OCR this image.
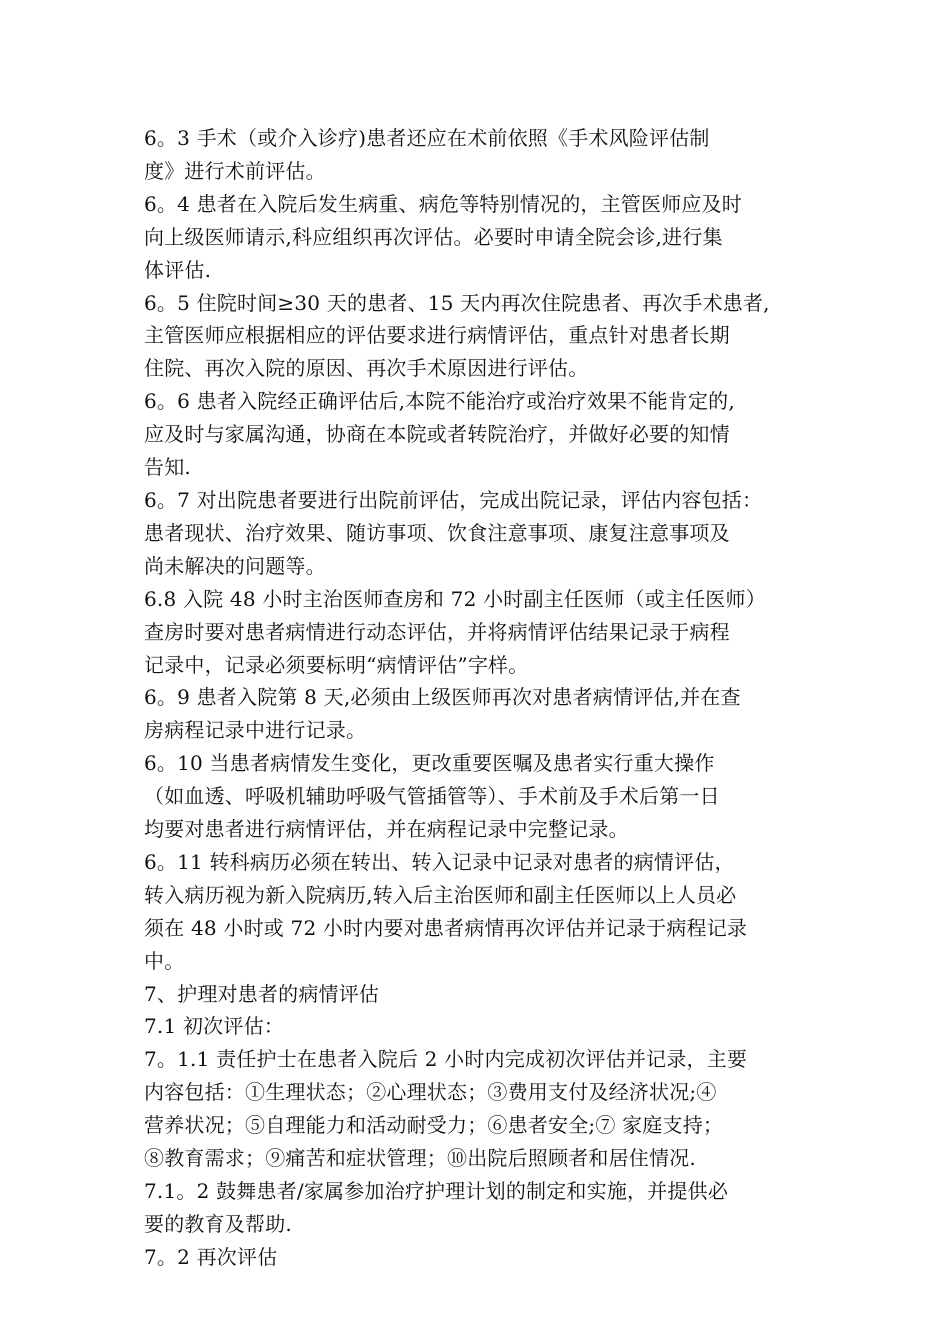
6。3 手术（或介入诊疗)患者还应在术前依照《手术风险评估制
度》进行术前评估。
6。4 患者在入院后发生病重、病危等特别情况的，主管医师应及时
向上级医师请示,科应组织再次评估。必要时申请全院会诊,进行集
体评估.
6。5 住院时间≥30 天的患者、15 天内再次住院患者、再次手术患者,
主管医师应根据相应的评估要求进行病情评估，重点针对患者长期
住院、再次入院的原因、再次手术原因进行评估。
6。6 患者入院经正确评估后,本院不能治疗或治疗效果不能肯定的,
应及时与家属沟通，协商在本院或者转院治疗，并做好必要的知情
告知.
6。7 对出院患者要进行出院前评估，完成出院记录，评估内容包括：
患者现状、治疗效果、随访事项、饮食注意事项、康复注意事项及
尚未解决的问题等。
6.8 入院 48 小时主治医师查房和 72 小时副主任医师（或主任医师）
查房时要对患者病情进行动态评估，并将病情评估结果记录于病程
记录中，记录必须要标明“病情评估”字样。
6。9 患者入院第 8 天,必须由上级医师再次对患者病情评估,并在查
房病程记录中进行记录。
6。10 当患者病情发生变化，更改重要医嘱及患者实行重大操作
（如血透、呼吸机辅助呼吸气管插管等）、手术前及手术后第一日
均要对患者进行病情评估，并在病程记录中完整记录。
6。11 转科病历必须在转出、转入记录中记录对患者的病情评估，
转入病历视为新入院病历,转入后主治医师和副主任医师以上人员必
须在 48 小时或 72 小时内要对患者病情再次评估并记录于病程记录
中。
7、护理对患者的病情评估
7.1 初次评估：
7。1.1 责任护士在患者入院后 2 小时内完成初次评估并记录，主要
内容包括：①生理状态；②心理状态；③费用支付及经济状况;④
营养状况；⑤自理能力和活动耐受力；⑥患者安全;⑦ 家庭支持；
⑧教育需求；⑨痛苦和症状管理；⑩出院后照顾者和居住情况.
7.1。2 鼓舞患者/家属参加治疗护理计划的制定和实施，并提供必
要的教育及帮助.
7。2 再次评估
